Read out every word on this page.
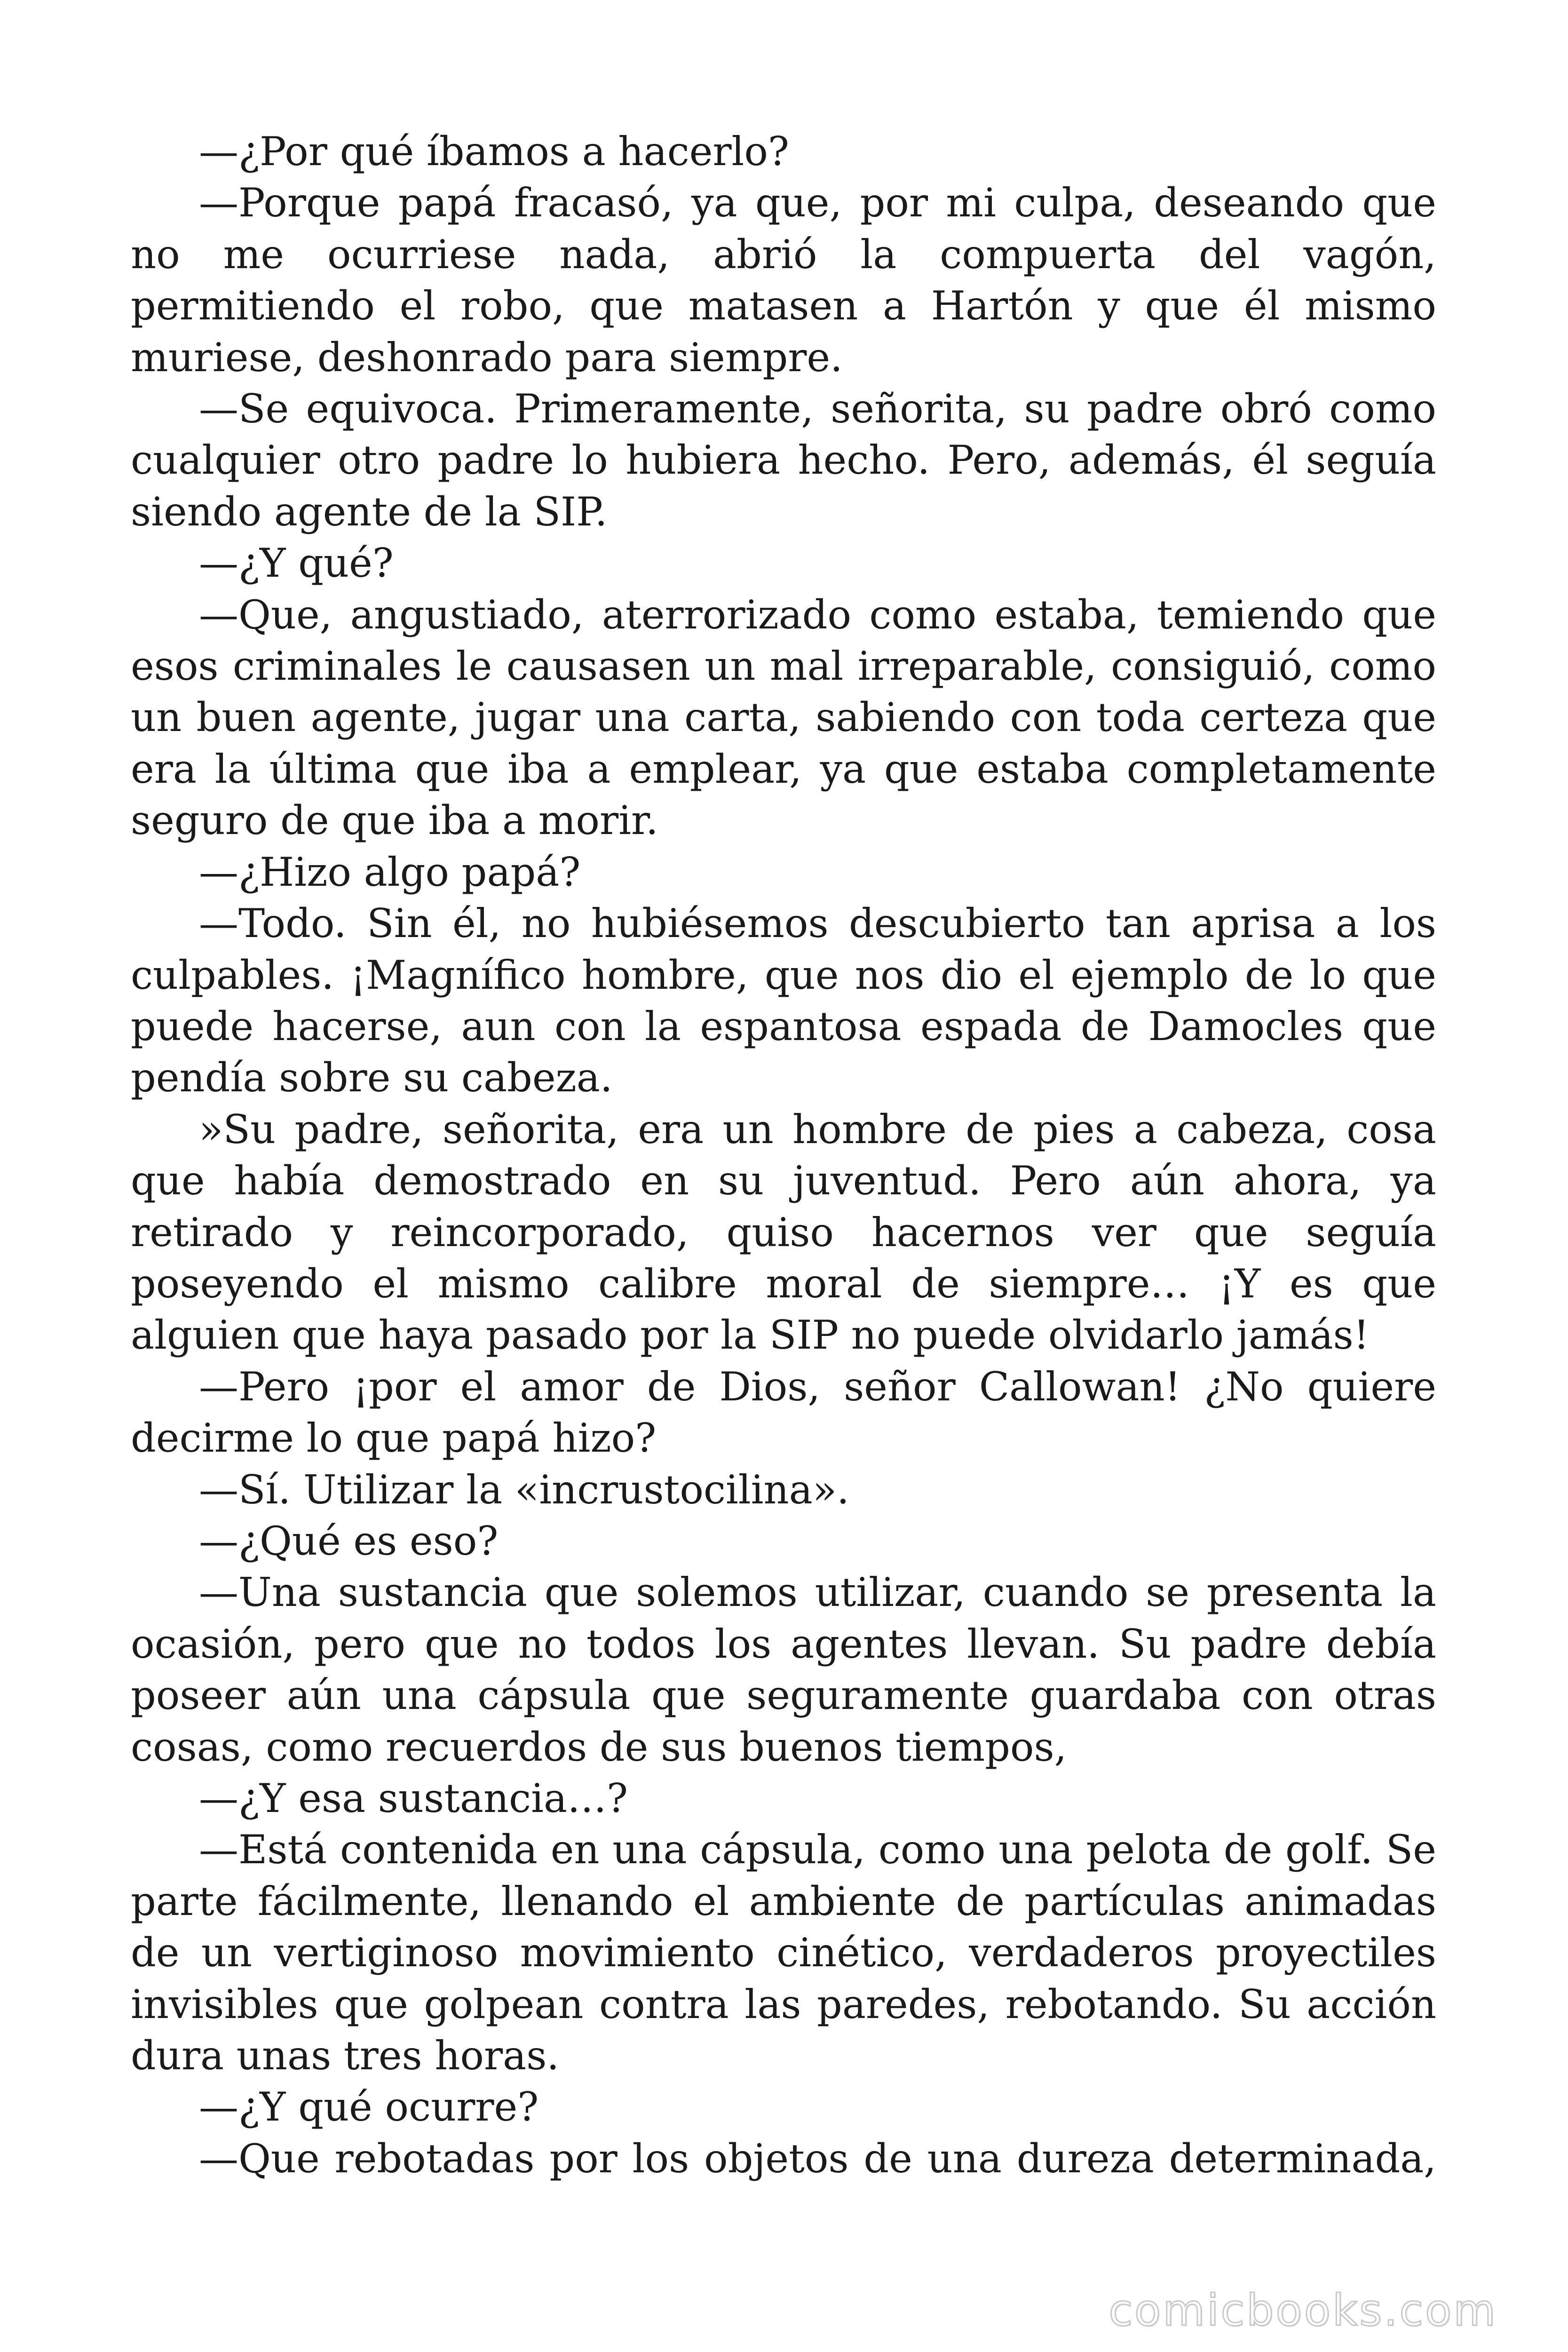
—¿Por qué íbamos a hacerlo?

—Porque papá fracasó, ya que, por mi culpa, deseando que no me ocurriese nada, abrió la compuerta del vagón, permitiendo el robo, que matasen a Hartón y que él mismo muriese, deshonrado para siempre.

—Se equivoca. Primeramente, señorita, su padre obró como cualquier otro padre lo hubiera hecho. Pero, además, él seguía siendo agente de la SIP.

—¿Y qué?

—Que, angustiado, aterrorizado como estaba, temiendo que esos criminales le causasen un mal irreparable, consiguió, como un buen agente, jugar una carta, sabiendo con toda certeza que era la última que iba a emplear, ya que estaba completamente seguro de que iba a morir.

—¿Hizo algo papá?

—Todo. Sin él, no hubiésemos descubierto tan aprisa a los culpables. ¡Magnífico hombre, que nos dio el ejemplo de lo que puede hacerse, aun con la espantosa espada de Damocles que pendía sobre su cabeza.

»Su padre, señorita, era un hombre de pies a cabeza, cosa que había demostrado en su juventud. Pero aún ahora, ya retirado y reincorporado, quiso hacernos ver que seguía poseyendo el mismo calibre moral de siempre… ¡Y es que alguien que haya pasado por la SIP no puede olvidarlo jamás!

—Pero ¡por el amor de Dios, señor Callowan! ¿No quiere decirme lo que papá hizo?

—Sí. Utilizar la «incrustocilina».

—¿Qué es eso?

—Una sustancia que solemos utilizar, cuando se presenta la ocasión, pero que no todos los agentes llevan. Su padre debía poseer aún una cápsula que seguramente guardaba con otras cosas, como recuerdos de sus buenos tiempos,

—¿Y esa sustancia…?

—Está contenida en una cápsula, como una pelota de golf. Se parte fácilmente, llenando el ambiente de partículas animadas de un vertiginoso movimiento cinético, verdaderos proyectiles invisibles que golpean contra las paredes, rebotando. Su acción dura unas tres horas.

—¿Y qué ocurre?

—Que rebotadas por los objetos de una dureza determinada,

comicbooks.com
